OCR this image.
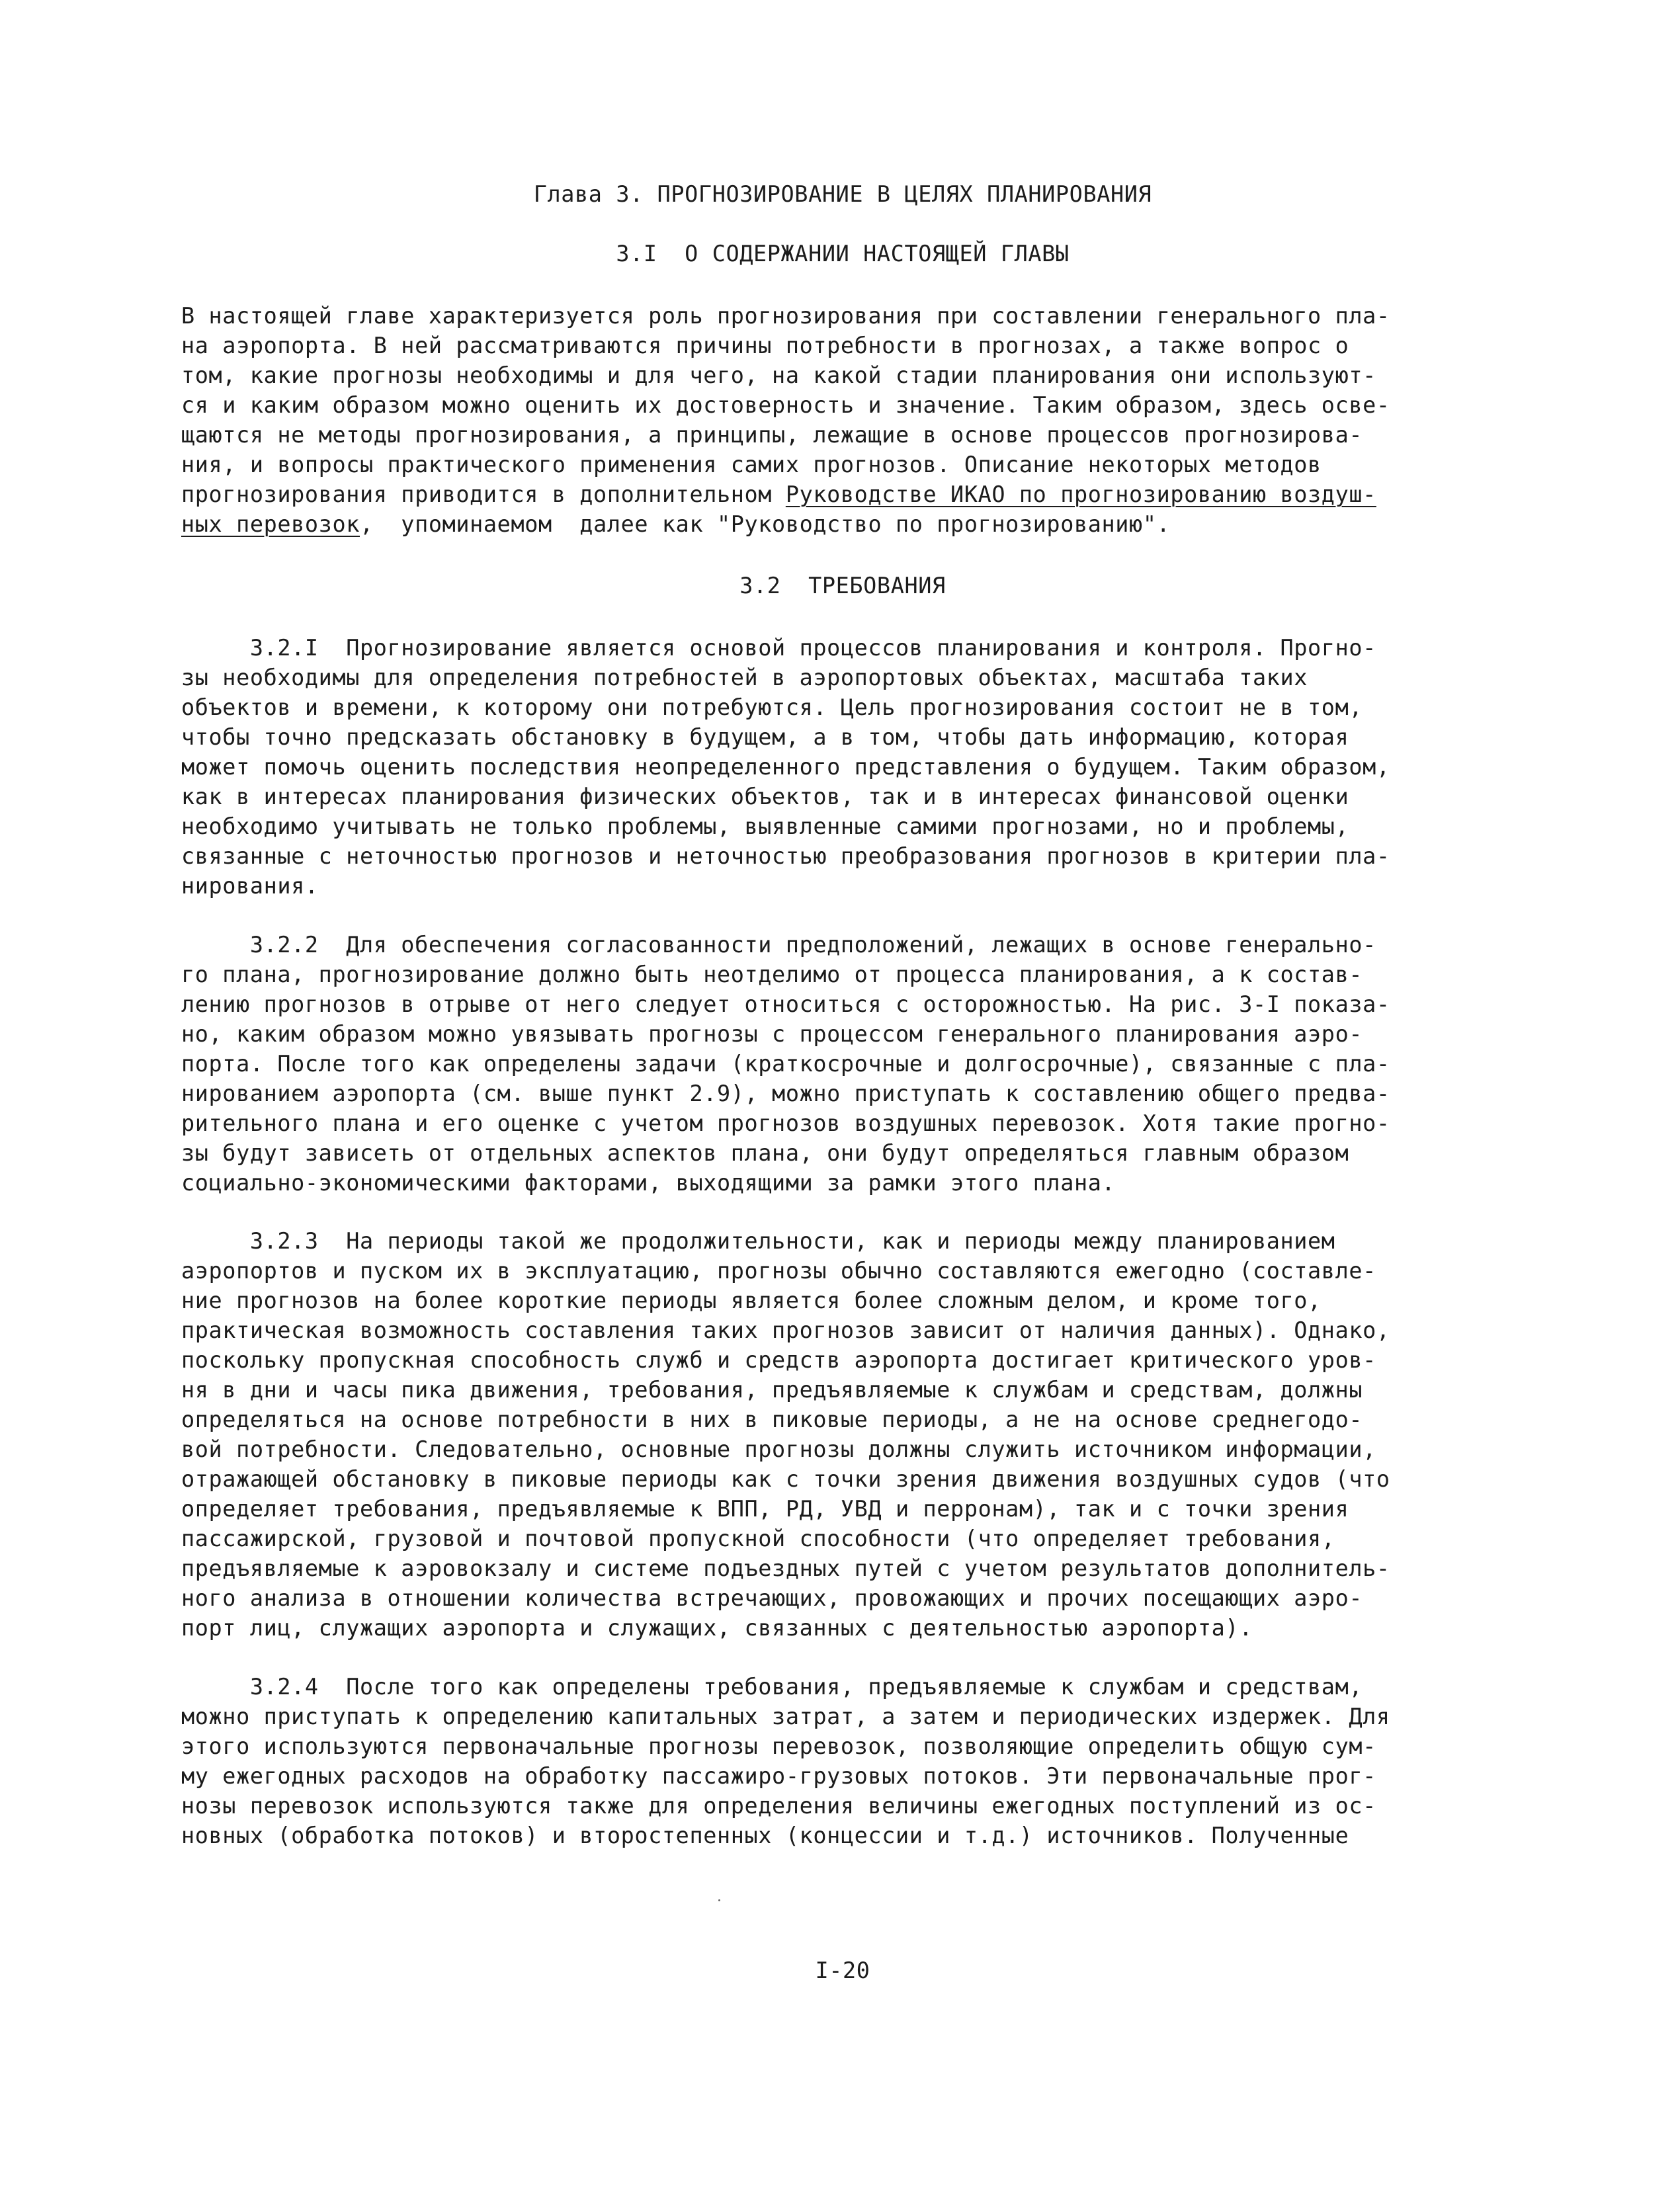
Глава 3. ПРОГНОЗИРОВАНИЕ В ЦЕЛЯХ ПЛАНИРОВАНИЯ
3.I  О СОДЕРЖАНИИ НАСТОЯЩЕЙ ГЛАВЫ
В настоящей главе характеризуется роль прогнозирования при составлении генерального пла-
на аэропорта. В ней рассматриваются причины потребности в прогнозах, а также вопрос о
том, какие прогнозы необходимы и для чего, на какой стадии планирования они используют-
ся и каким образом можно оценить их достоверность и значение. Таким образом, здесь осве-
щаются не методы прогнозирования, а принципы, лежащие в основе процессов прогнозирова-
ния, и вопросы практического применения самих прогнозов. Описание некоторых методов
прогнозирования приводится в дополнительном Руководстве ИКАО по прогнозированию воздуш-
ных перевозок,  упоминаемом  далее как "Руководство по прогнозированию".
3.2  ТРЕБОВАНИЯ
3.2.I  Прогнозирование является основой процессов планирования и контроля. Прогно-
зы необходимы для определения потребностей в аэропортовых объектах, масштаба таких
объектов и времени, к которому они потребуются. Цель прогнозирования состоит не в том,
чтобы точно предсказать обстановку в будущем, а в том, чтобы дать информацию, которая
может помочь оценить последствия неопределенного представления о будущем. Таким образом,
как в интересах планирования физических объектов, так и в интересах финансовой оценки
необходимо учитывать не только проблемы, выявленные самими прогнозами, но и проблемы,
связанные с неточностью прогнозов и неточностью преобразования прогнозов в критерии пла-
нирования.
3.2.2  Для обеспечения согласованности предположений, лежащих в основе генерально-
го плана, прогнозирование должно быть неотделимо от процесса планирования, а к состав-
лению прогнозов в отрыве от него следует относиться с осторожностью. На рис. 3-I показа-
но, каким образом можно увязывать прогнозы с процессом генерального планирования аэро-
порта. После того как определены задачи (краткосрочные и долгосрочные), связанные с пла-
нированием аэропорта (см. выше пункт 2.9), можно приступать к составлению общего предва-
рительного плана и его оценке с учетом прогнозов воздушных перевозок. Хотя такие прогно-
зы будут зависеть от отдельных аспектов плана, они будут определяться главным образом
социально-экономическими факторами, выходящими за рамки этого плана.
3.2.3  На периоды такой же продолжительности, как и периоды между планированием
аэропортов и пуском их в эксплуатацию, прогнозы обычно составляются ежегодно (составле-
ние прогнозов на более короткие периоды является более сложным делом, и кроме того,
практическая возможность составления таких прогнозов зависит от наличия данных). Однако,
поскольку пропускная способность служб и средств аэропорта достигает критического уров-
ня в дни и часы пика движения, требования, предъявляемые к службам и средствам, должны
определяться на основе потребности в них в пиковые периоды, а не на основе среднегодо-
вой потребности. Следовательно, основные прогнозы должны служить источником информации,
отражающей обстановку в пиковые периоды как с точки зрения движения воздушных судов (что
определяет требования, предъявляемые к ВПП, РД, УВД и перронам), так и с точки зрения
пассажирской, грузовой и почтовой пропускной способности (что определяет требования,
предъявляемые к аэровокзалу и системе подъездных путей с учетом результатов дополнитель-
ного анализа в отношении количества встречающих, провожающих и прочих посещающих аэро-
порт лиц, служащих аэропорта и служащих, связанных с деятельностью аэропорта).
3.2.4  После того как определены требования, предъявляемые к службам и средствам,
можно приступать к определению капитальных затрат, а затем и периодических издержек. Для
этого используются первоначальные прогнозы перевозок, позволяющие определить общую сум-
му ежегодных расходов на обработку пассажиро-грузовых потоков. Эти первоначальные прог-
нозы перевозок используются также для определения величины ежегодных поступлений из ос-
новных (обработка потоков) и второстепенных (концессии и т.д.) источников. Полученные
I-20
